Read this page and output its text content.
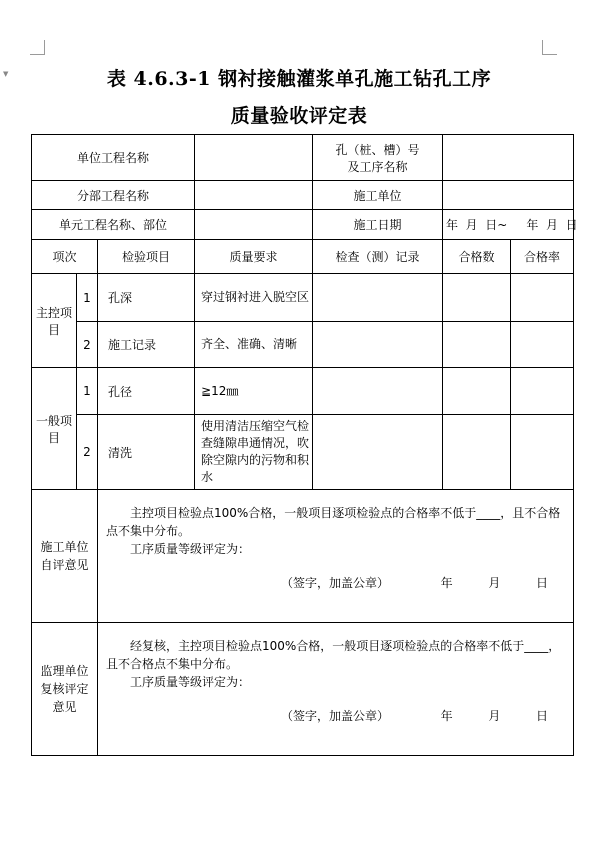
▼	表 4.6.3-1 钢衬接触灌浆单孔施工钻孔工序
质量验收评定表
单位工程名称				孔（桩、槽）号
及工序名称		

分部工程名称				施工单位		
单元工程名称、部位				施工日期	年  月  日~     年  月  日	
项次		检验项目	质量要求	检查（测）记录	合格数	合格率
主控项目	1	孔深	穿过钢衬进入脱空区			
	2	施工记录	齐全、准确、清晰			
一般项目	1	孔径	≧12㎜			
	2	清洗	使用清洁压缩空气检查缝隙串通情况，吹除空隙内的污物和积水			
施工单位自评意见		主控项目检验点100%合格，一般项目逐项检验点的合格率不低于____，且不合格点不集中分布。

工序质量等级评定为：

（签字，加盖公章） 年 月 日				

监理单位复核评定意见		经复核，主控项目检验点100%合格，一般项目逐项检验点的合格率不低于____，且不合格点不集中分布。

工序质量等级评定为：

（签字，加盖公章） 年 月 日				
